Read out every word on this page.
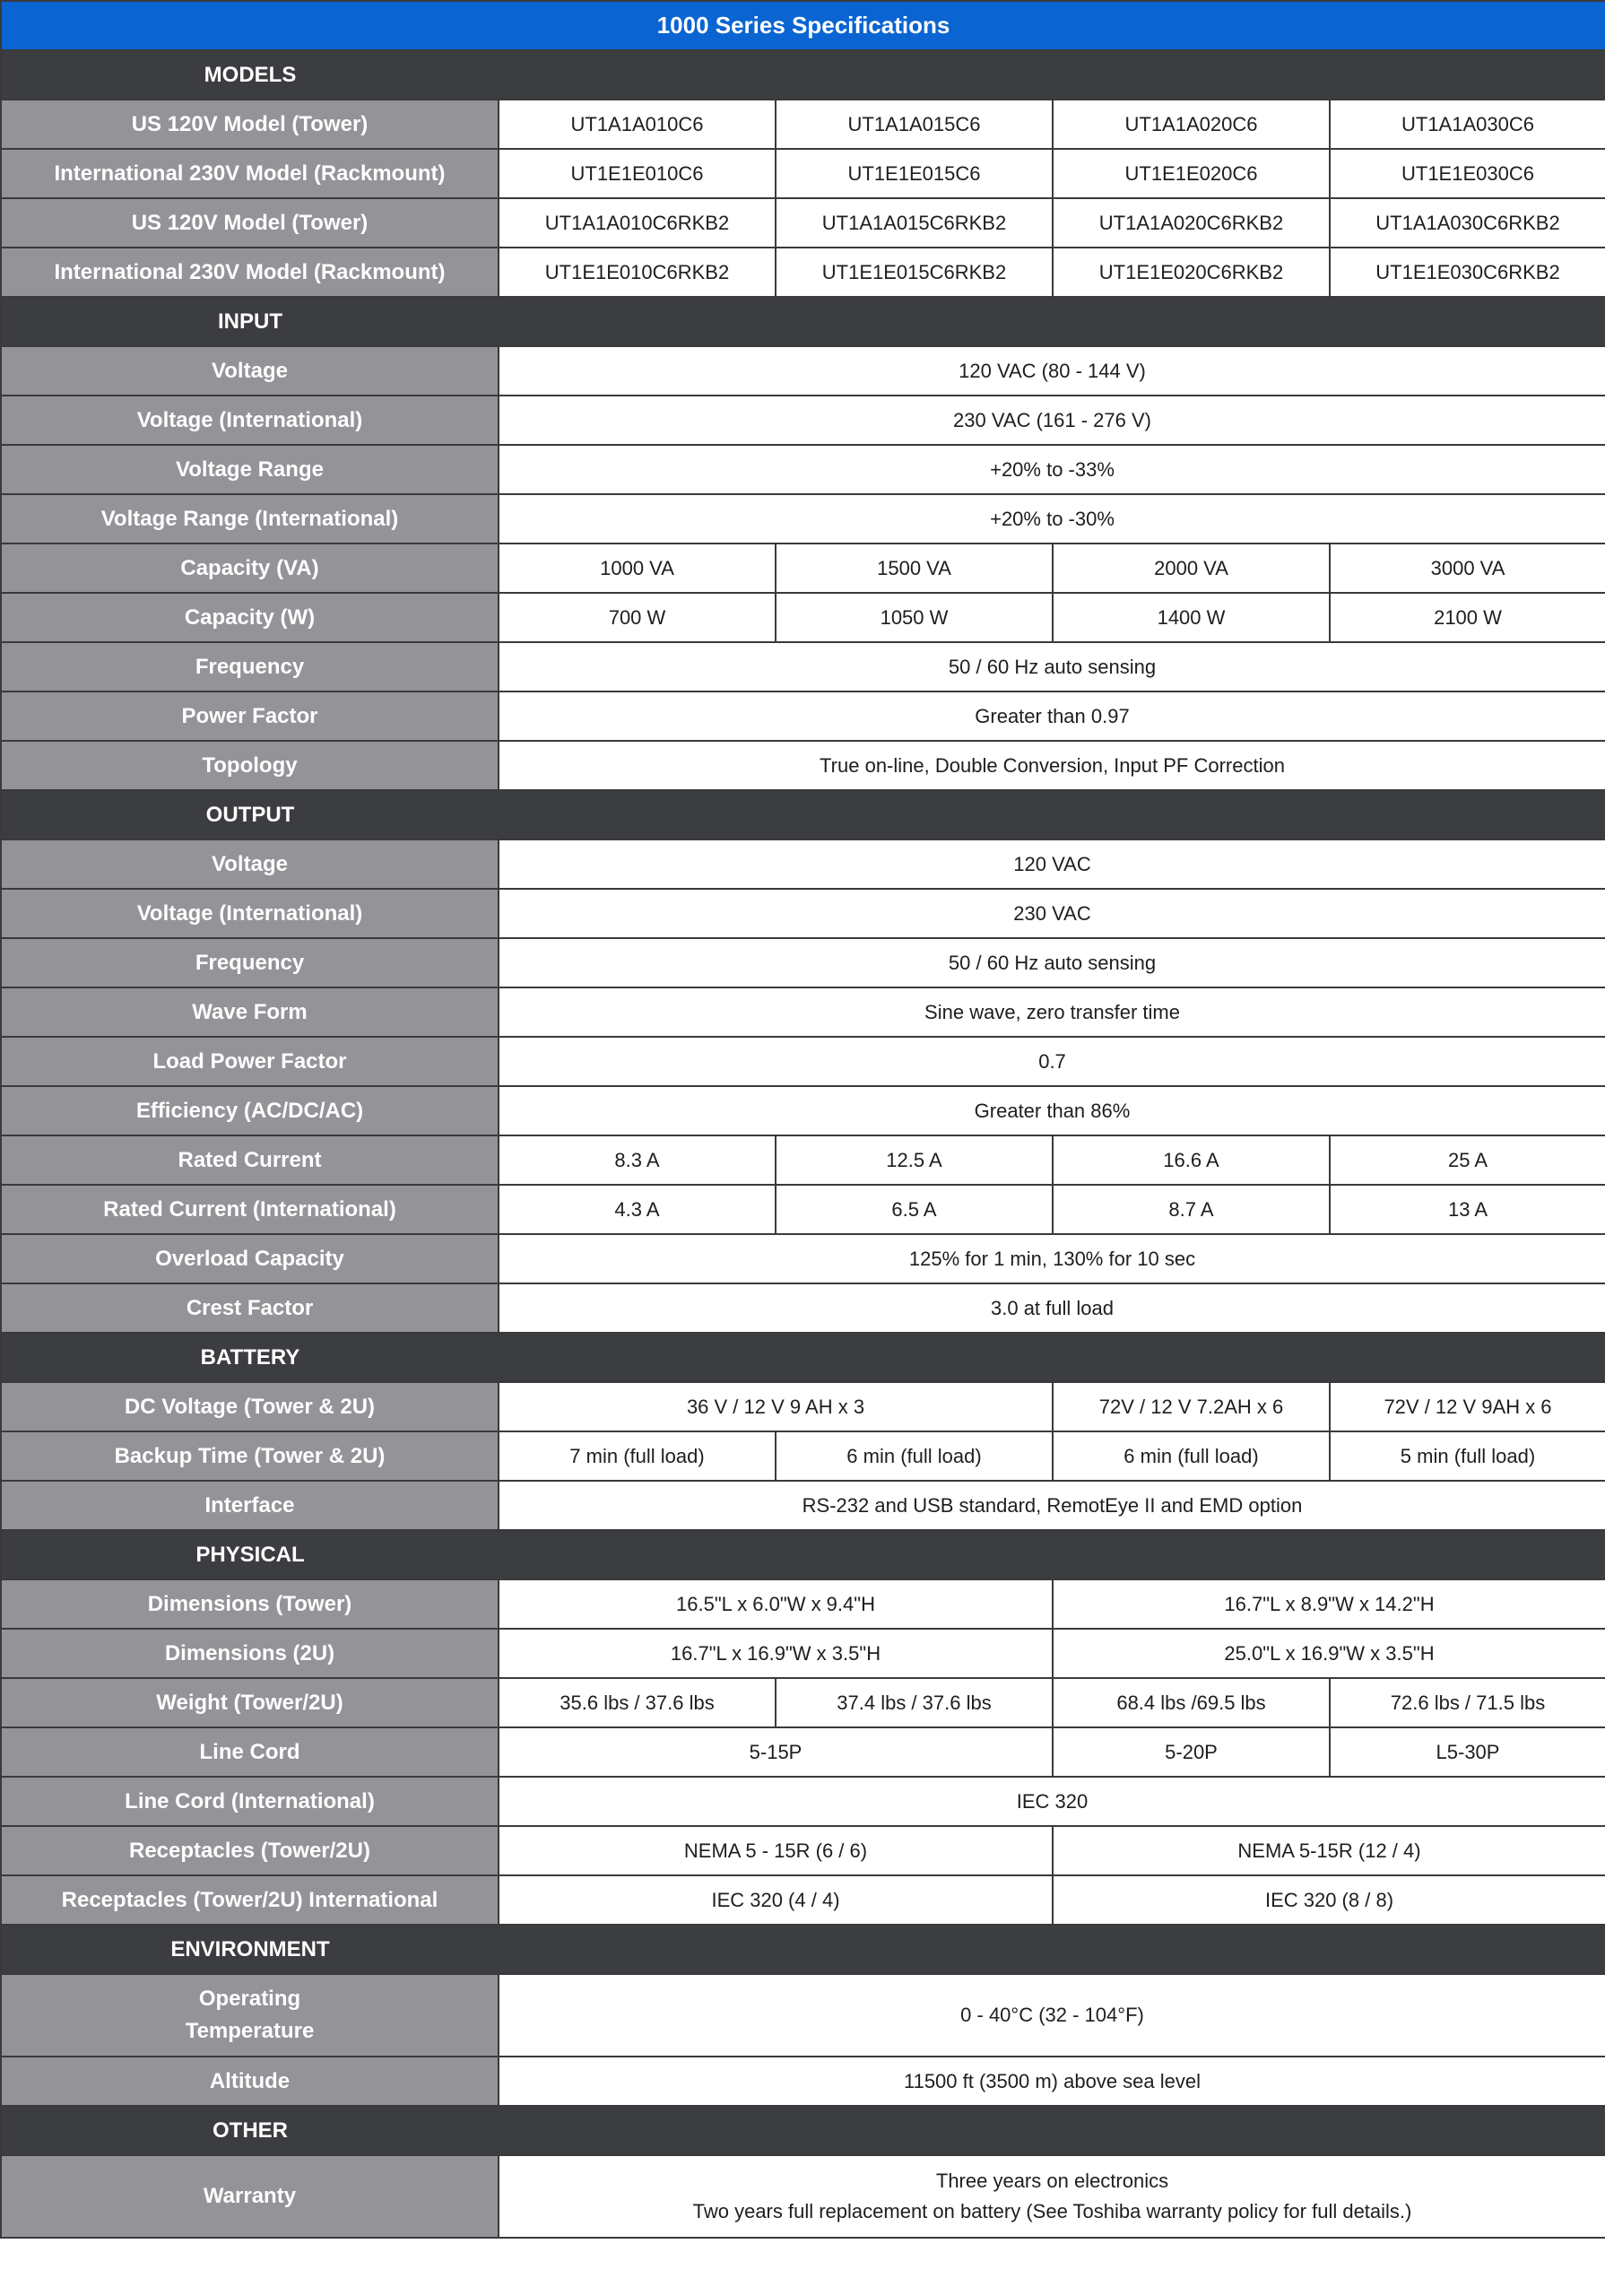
1000 Series Specifications				
MODELS				
US 120V Model (Tower)	UT1A1A010C6	UT1A1A015C6	UT1A1A020C6	UT1A1A030C6
International 230V Model (Rackmount)	UT1E1E010C6	UT1E1E015C6	UT1E1E020C6	UT1E1E030C6
US 120V Model (Tower)	UT1A1A010C6RKB2	UT1A1A015C6RKB2	UT1A1A020C6RKB2	UT1A1A030C6RKB2
International 230V Model (Rackmount)	UT1E1E010C6RKB2	UT1E1E015C6RKB2	UT1E1E020C6RKB2	UT1E1E030C6RKB2
INPUT				
Voltage	120 VAC (80 - 144 V)			
Voltage (International)	230 VAC (161 - 276 V)			
Voltage Range	+20% to -33%			
Voltage Range (International)	+20% to -30%			
Capacity (VA)	1000 VA	1500 VA	2000 VA	3000 VA
Capacity (W)	700 W	1050 W	1400 W	2100 W
Frequency	50 / 60 Hz auto sensing			
Power Factor	Greater than 0.97			
Topology	True on-line, Double Conversion, Input PF Correction			
OUTPUT				
Voltage	120 VAC			
Voltage (International)	230 VAC			
Frequency	50 / 60 Hz auto sensing			
Wave Form	Sine wave, zero transfer time			
Load Power Factor	0.7			
Efficiency (AC/DC/AC)	Greater than 86%			
Rated Current	8.3 A	12.5 A	16.6 A	25 A
Rated Current (International)	4.3 A	6.5 A	8.7 A	13 A
Overload Capacity	125% for 1 min, 130% for 10 sec			
Crest Factor	3.0 at full load			
BATTERY				
DC Voltage (Tower & 2U)	36 V / 12 V 9 AH x 3		72V / 12 V 7.2AH x 6	72V / 12 V 9AH x 6
Backup Time (Tower & 2U)	7 min (full load)	6 min (full load)	6 min (full load)	5 min (full load)
Interface	RS-232 and USB standard, RemotEye II and EMD option			
PHYSICAL				
Dimensions (Tower)	16.5"L x 6.0"W x 9.4"H		16.7"L x 8.9"W x 14.2"H	
Dimensions (2U)	16.7"L x 16.9"W x 3.5"H		25.0"L x 16.9"W x 3.5"H	
Weight (Tower/2U)	35.6 lbs / 37.6 lbs	37.4 lbs / 37.6 lbs	68.4 lbs /69.5 lbs	72.6 lbs / 71.5 lbs
Line Cord	5-15P		5-20P	L5-30P
Line Cord (International)	IEC 320			
Receptacles (Tower/2U)	NEMA 5 - 15R (6 / 6)		NEMA 5-15R (12 / 4)	
Receptacles (Tower/2U) International	IEC 320 (4 / 4)		IEC 320 (8 / 8)	
ENVIRONMENT				
Operating
Temperature	0 - 40°C (32 - 104°F)			
Altitude	11500 ft (3500 m) above sea level			
OTHER				
Warranty	Three years on electronics
Two years full replacement on battery (See Toshiba warranty policy for full details.)			
